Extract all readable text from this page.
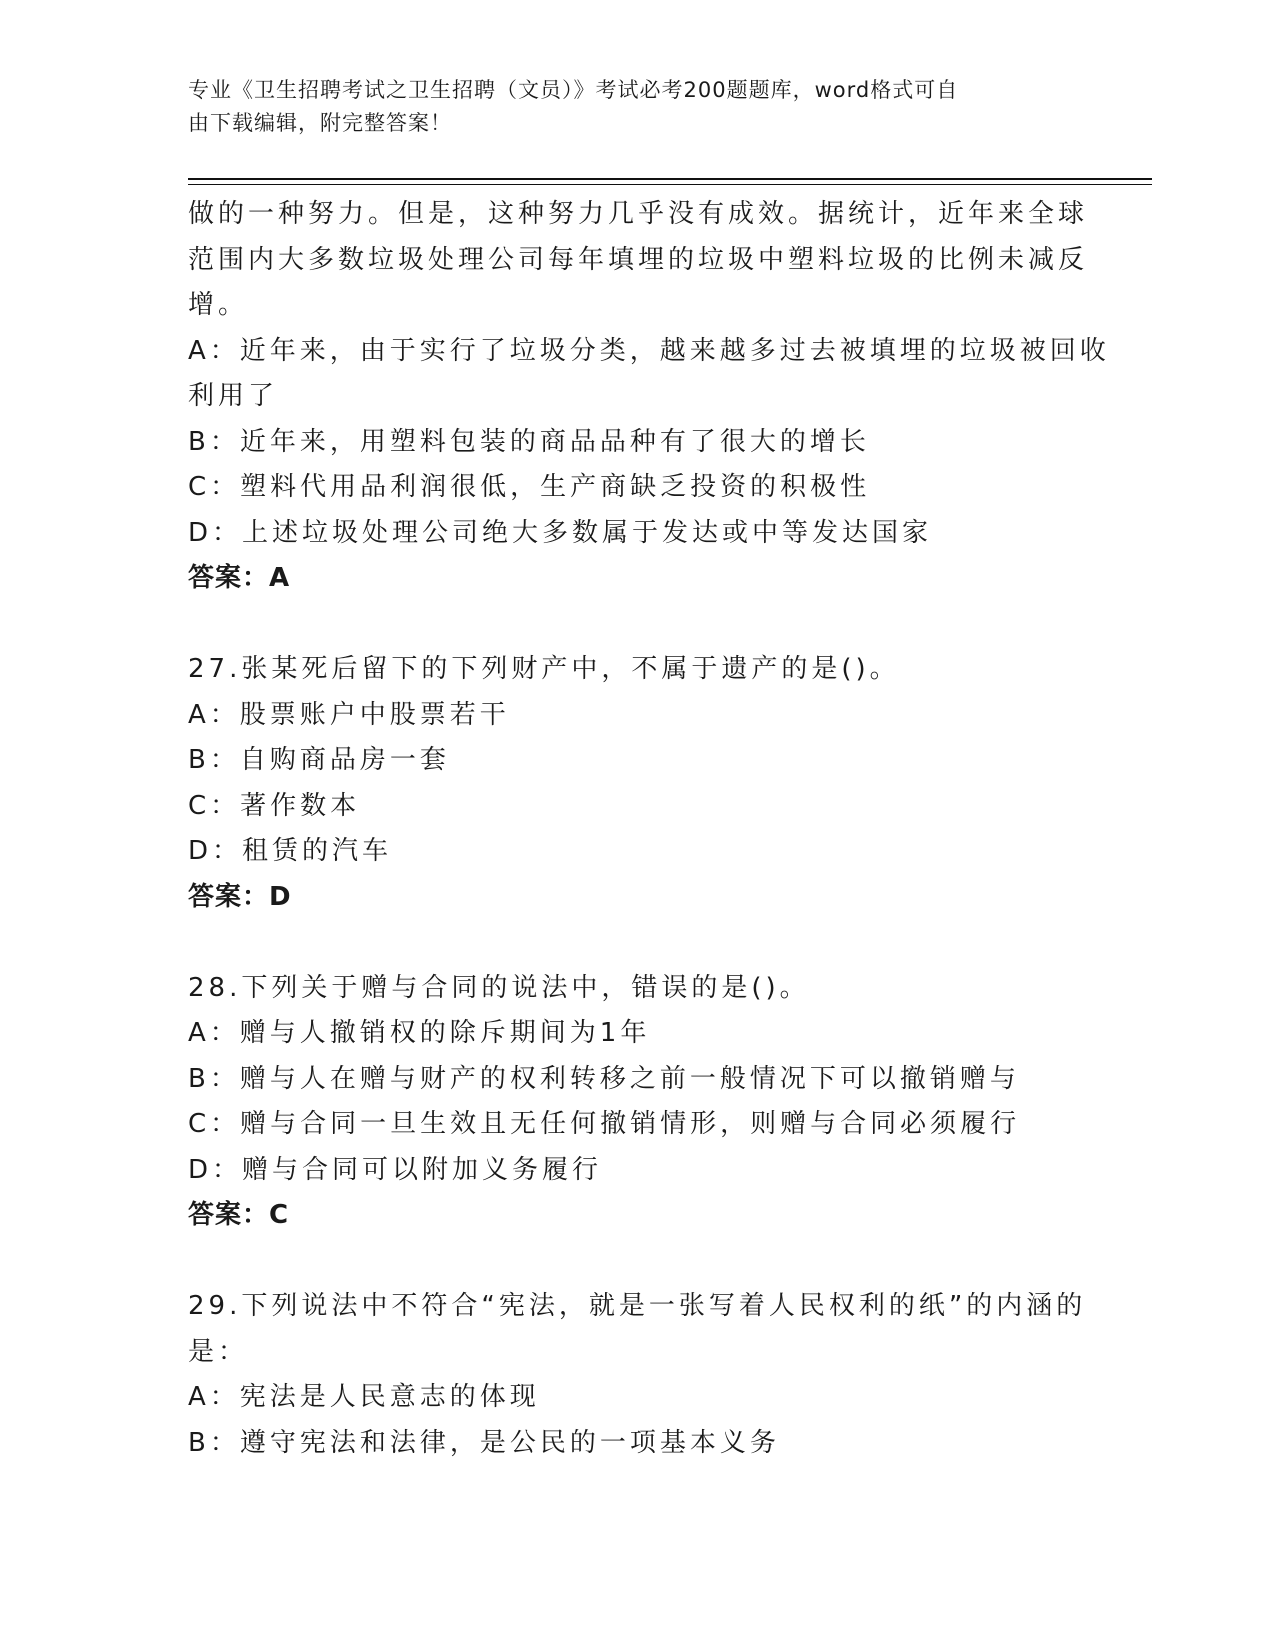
专业《卫生招聘考试之卫生招聘（文员）》考试必考200题题库，word格式可自
由下载编辑，附完整答案！
做的一种努力。但是，这种努力几乎没有成效。据统计，近年来全球
范围内大多数垃圾处理公司每年填埋的垃圾中塑料垃圾的比例未减反
增。
A：近年来，由于实行了垃圾分类，越来越多过去被填埋的垃圾被回收
利用了
B：近年来，用塑料包装的商品品种有了很大的增长
C：塑料代用品利润很低，生产商缺乏投资的积极性
D：上述垃圾处理公司绝大多数属于发达或中等发达国家
答案：A
27.张某死后留下的下列财产中，不属于遗产的是()。
A：股票账户中股票若干
B：自购商品房一套
C：著作数本
D：租赁的汽车
答案：D
28.下列关于赠与合同的说法中，错误的是()。
A：赠与人撤销权的除斥期间为1年
B：赠与人在赠与财产的权利转移之前一般情况下可以撤销赠与
C：赠与合同一旦生效且无任何撤销情形，则赠与合同必须履行
D：赠与合同可以附加义务履行
答案：C
29.下列说法中不符合“宪法，就是一张写着人民权利的纸”的内涵的
是：
A：宪法是人民意志的体现
B：遵守宪法和法律，是公民的一项基本义务
